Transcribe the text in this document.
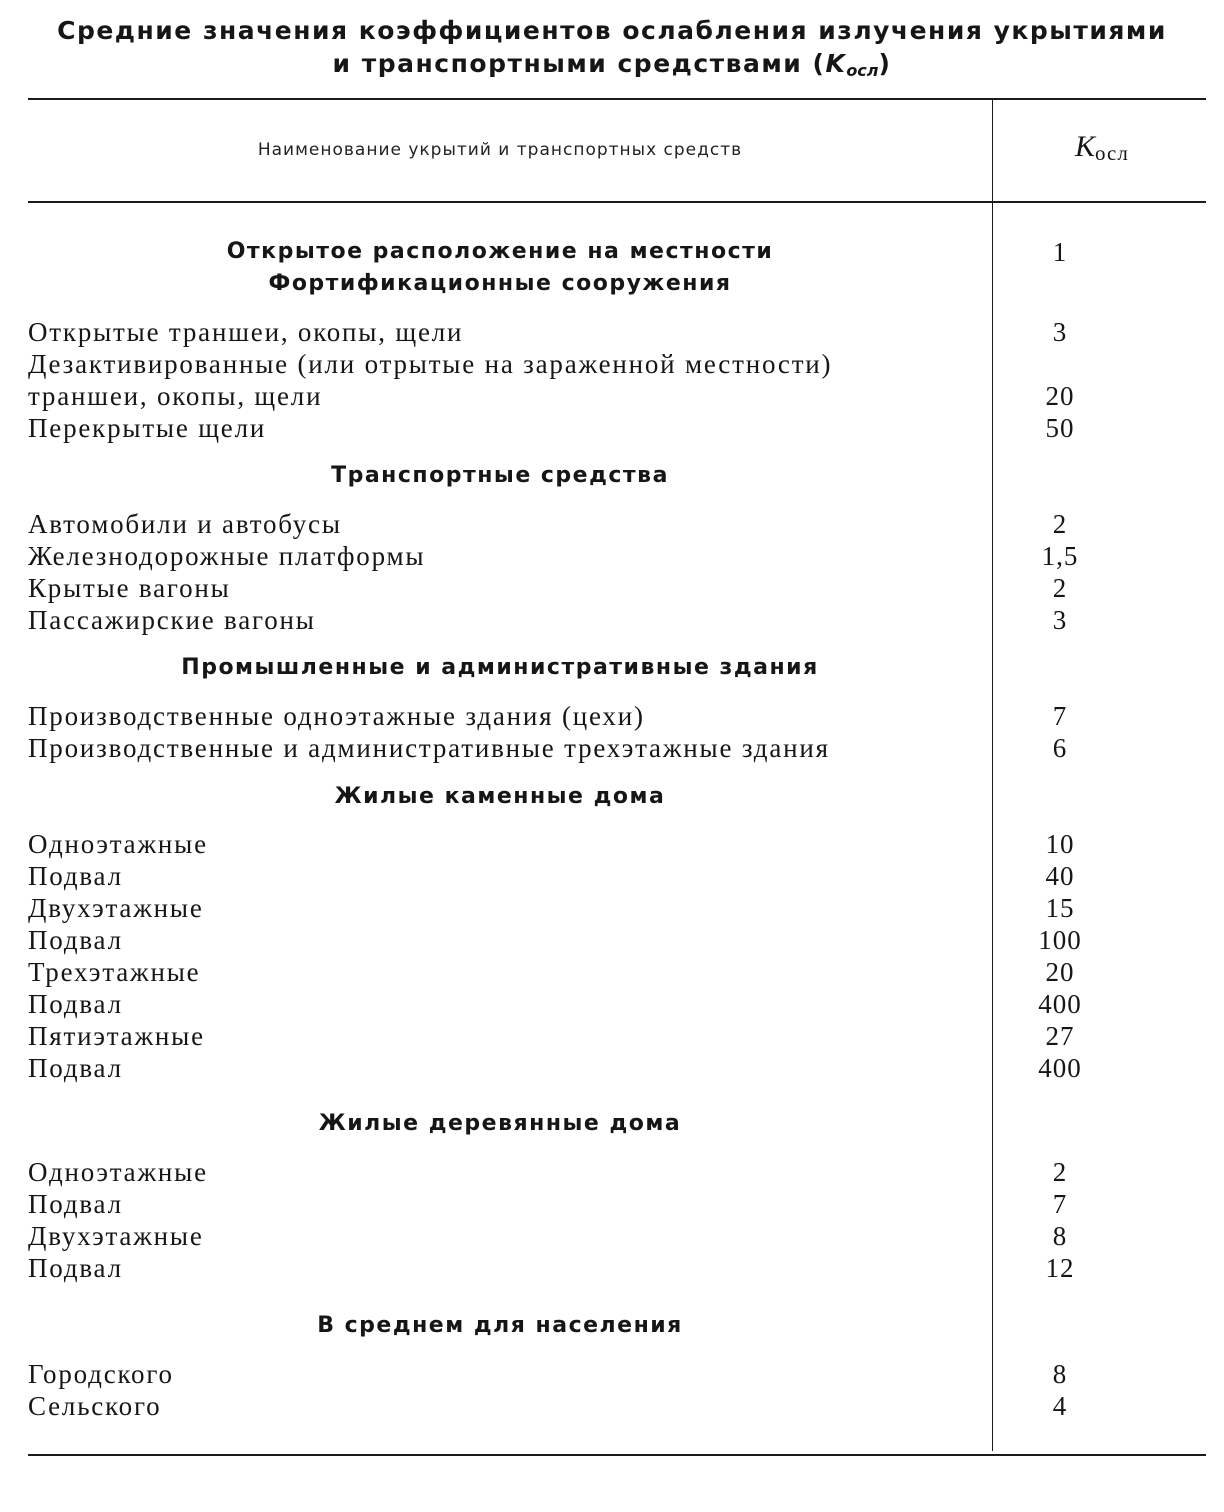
Средние значения коэффициентов ослабления излучения укрытиями
и транспортными средствами $(K_{осл})$
Наименование укрытий и транспортных средств	Kосл
Открытое расположение на местности	1
Фортификационные сооружения
Открытые траншеи, окопы, щели	3
Дезактивированные (или отрытые на зараженной местности)
траншеи, окопы, щели	20
Перекрытые щели	50
Транспортные средства
Автомобили и автобусы	2
Железнодорожные платформы	1,5
Крытые вагоны	2
Пассажирские вагоны	3
Промышленные и административные здания
Производственные одноэтажные здания (цехи)	7
Производственные и административные трехэтажные здания	6
Жилые каменные дома
Одноэтажные	10
Подвал	40
Двухэтажные	15
Подвал	100
Трехэтажные	20
Подвал	400
Пятиэтажные	27
Подвал	400
Жилые деревянные дома
Одноэтажные	2
Подвал	7
Двухэтажные	8
Подвал	12
В среднем для населения
Городского	8
Сельского	4
